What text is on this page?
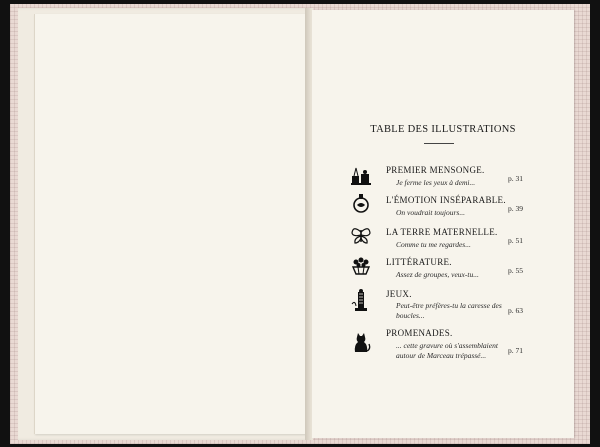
TABLE DES ILLUSTRATIONS
PREMIER MENSONGE.
Je ferme les yeux à demi...	p. 31
L'ÉMOTION INSÉPARABLE.
On voudrait toujours...	p. 39
LA TERRE MATERNELLE.
Comme tu me regardes...	p. 51
LITTÉRATURE.
Assez de groupes, veux-tu...	p. 55
JEUX.
Peut-être préfères-tu la caresse des
boucles...
p. 63
PROMENADES.
... cette gravure où s'assemblaient
autour de Marceau trépassé...
p. 71
